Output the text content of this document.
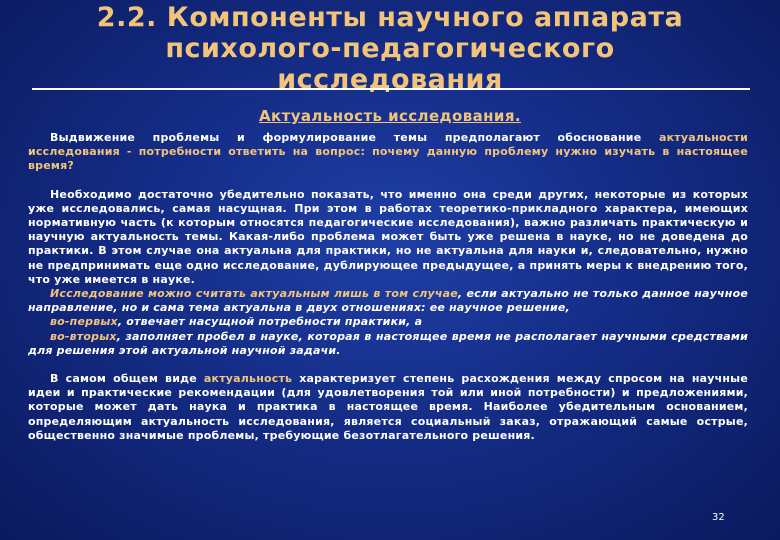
2.2. Компоненты научного аппарата
психолого-педагогического
исследования
Актуальность исследования.

Выдвижение проблемы и формулирование темы предполагают обоснование актуальности исследования - потребности ответить на вопрос: почему данную проблему нужно изучать в настоящее время?

Необходимо достаточно убедительно показать, что именно она среди других, некоторые из которых уже исследовались, самая насущная. При этом в работах теоретико-прикладного характера, имеющих нормативную часть (к которым относятся педагогические исследования), важно различать практическую и научную актуальность темы. Какая-либо проблема может быть уже решена в науке, но не доведена до практики. В этом случае она актуальна для практики, но не актуальна для науки и, следовательно, нужно не предпринимать еще одно исследование, дублирующее предыдущее, а принять меры к внедрению того, что уже имеется в науке.

Исследование можно считать актуальным лишь в том случае, если актуально не только данное научное направление, но и сама тема актуальна в двух отношениях: ее научное решение,

во-первых, отвечает насущной потребности практики, а

во-вторых, заполняет пробел в науке, которая в настоящее время не располагает научными средствами для решения этой актуальной научной задачи.

В самом общем виде актуальность характеризует степень расхождения между спросом на научные идеи и практические рекомендации (для удовлетворения той или иной потребности) и предложениями, которые может дать наука и практика в настоящее время. Наиболее убедительным основанием, определяющим актуальность исследования, является социальный заказ, отражающий самые острые, общественно значимые проблемы, требующие безотлагательного решения.

32
